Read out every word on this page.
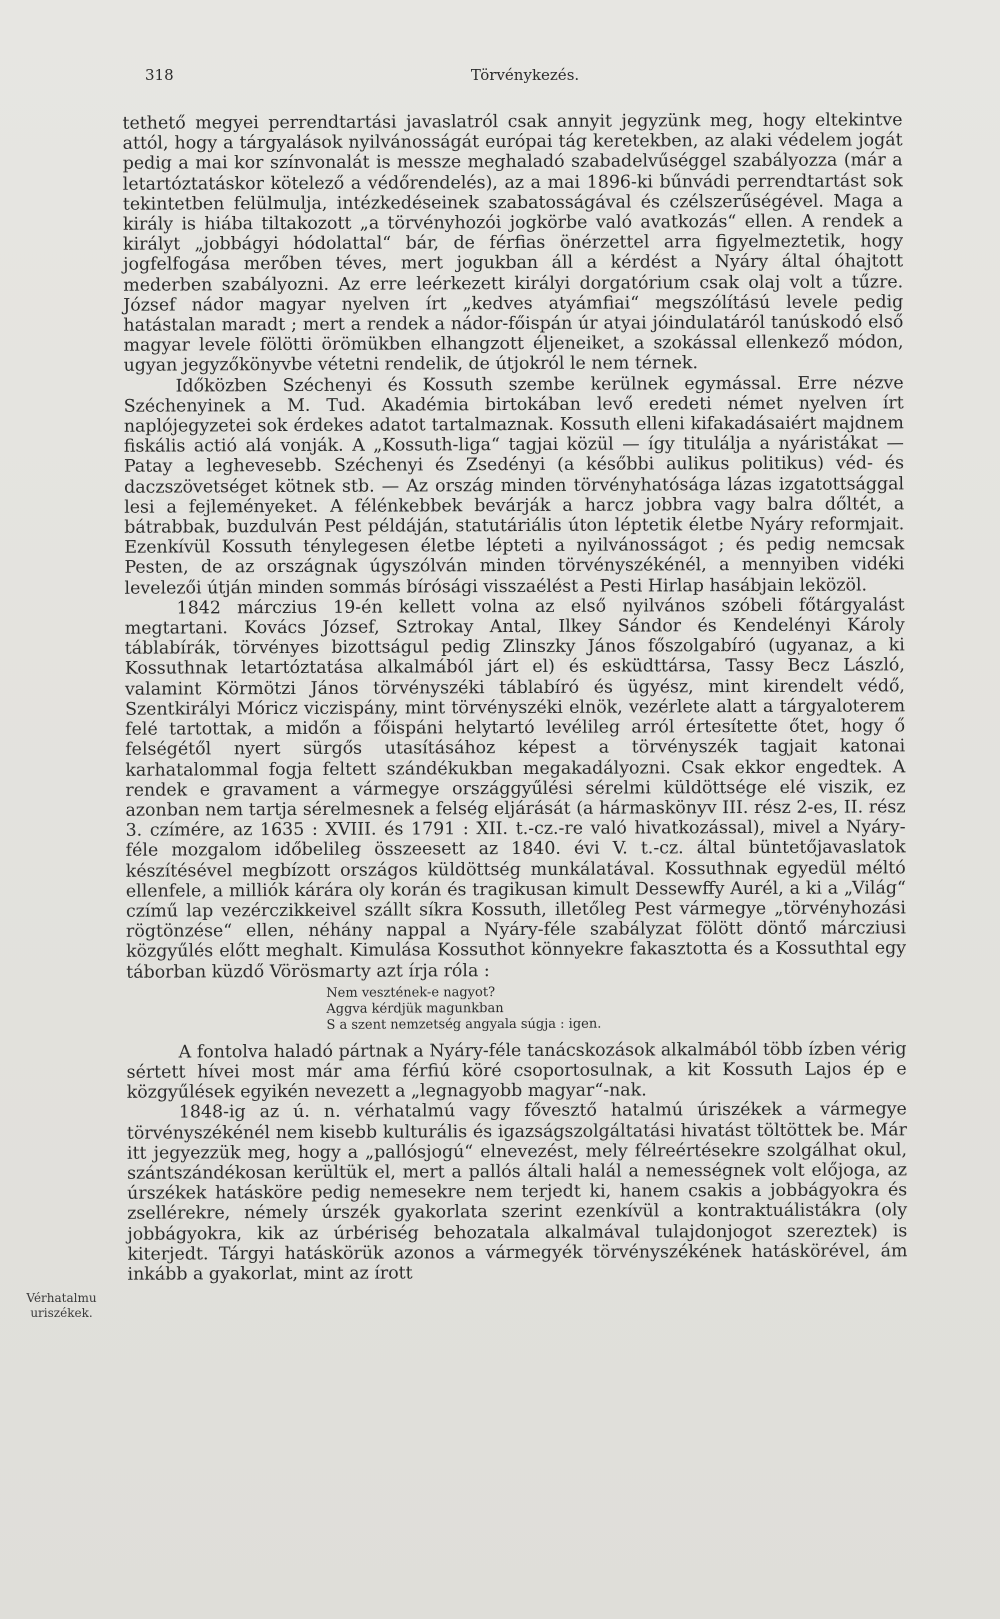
318	Törvénykezés.
Vérhatalmu uriszékek.

tethető megyei perrendtartási javaslatról csak annyit jegyzünk meg, hogy eltekintve attól, hogy a tárgyalások nyilvánosságát európai tág keretekben, az alaki védelem jogát pedig a mai kor színvonalát is messze meghaladó szabadelvűséggel szabályozza (már a letartóztatáskor kötelező a védőrendelés), az a mai 1896-ki bűnvádi perrendtartást sok tekintetben felülmulja, intézkedéseinek szabatosságával és czélszerűségével. Maga a király is hiába tiltakozott „a törvényhozói jogkörbe való avatkozás“ ellen. A rendek a királyt „jobbágyi hódolattal“ bár, de férfias önérzettel arra figyelmeztetik, hogy jogfelfogása merőben téves, mert jogukban áll a kérdést a Nyáry által óhajtott mederben szabályozni. Az erre leérkezett királyi dorgatórium csak olaj volt a tűzre. József nádor magyar nyelven írt „kedves atyámfiai“ megszólítású levele pedig hatástalan maradt ; mert a rendek a nádor-főispán úr atyai jóindulatáról tanúskodó első magyar levele fölötti örömükben elhangzott éljeneiket, a szokással ellenkező módon, ugyan jegyzőkönyvbe vétetni rendelik, de útjokról le nem térnek.

Időközben Széchenyi és Kossuth szembe kerülnek egymással. Erre nézve Széchenyinek a M. Tud. Akadémia birtokában levő eredeti német nyelven írt naplójegyzetei sok érdekes adatot tartalmaznak. Kossuth elleni kifakadásaiért majdnem fiskális actió alá vonják. A „Kossuth-liga“ tagjai közül — így titulálja a nyáristákat — Patay a leghevesebb. Széchenyi és Zsedényi (a későbbi aulikus politikus) véd- és daczszövetséget kötnek stb. — Az ország minden törvényhatósága lázas izgatottsággal lesi a fejleményeket. A félénkebbek bevárják a harcz jobbra vagy balra dőltét, a bátrabbak, buzdulván Pest példáján, statutáriális úton léptetik életbe Nyáry reformjait. Ezenkívül Kossuth ténylegesen életbe lépteti a nyilvánosságot ; és pedig nemcsak Pesten, de az országnak úgyszólván minden törvényszékénél, a mennyiben vidéki levelezői útján minden sommás bírósági visszaélést a Pesti Hirlap hasábjain leközöl.

1842 márczius 19-én kellett volna az első nyilvános szóbeli főtárgyalást megtartani. Kovács József, Sztrokay Antal, Ilkey Sándor és Kendelényi Károly táblabírák, törvényes bizottságul pedig Zlinszky János főszolgabíró (ugyanaz, a ki Kossuthnak letartóztatása alkalmából járt el) és esküdttársa, Tassy Becz László, valamint Körmötzi János törvényszéki táblabíró és ügyész, mint kirendelt védő, Szentkirályi Móricz viczispány, mint törvényszéki elnök, vezérlete alatt a tárgyaloterem felé tartottak, a midőn a főispáni helytartó levélileg arról értesítette őtet, hogy ő felségétől nyert sürgős utasításához képest a törvényszék tagjait katonai karhatalommal fogja feltett szándékukban megakadályozni. Csak ekkor engedtek. A rendek e gravament a vármegye országgyűlési sérelmi küldöttsége elé viszik, ez azonban nem tartja sérelmesnek a felség eljárását (a hármaskönyv III. rész 2-es, II. rész 3. czímére, az 1635 : XVIII. és 1791 : XII. t.-cz.-re való hivatkozással), mivel a Nyáry-féle mozgalom időbelileg összeesett az 1840. évi V. t.-cz. által büntetőjavaslatok készítésével megbízott országos küldöttség munkálatával. Kossuthnak egyedül méltó ellenfele, a milliók kárára oly korán és tragikusan kimult Dessewffy Aurél, a ki a „Világ“ czímű lap vezérczikkeivel szállt síkra Kossuth, illetőleg Pest vármegye „törvényhozási rögtönzése“ ellen, néhány nappal a Nyáry-féle szabályzat fölött döntő márcziusi közgyűlés előtt meghalt. Kimulása Kossuthot könnyekre fakasztotta és a Kossuthtal egy táborban küzdő Vörösmarty azt írja róla :

Nem vesztének-e nagyot?
Aggva kérdjük magunkban
S a szent nemzetség angyala súgja : igen.

A fontolva haladó pártnak a Nyáry-féle tanácskozások alkalmából több ízben vérig sértett hívei most már ama férfiú köré csoportosulnak, a kit Kossuth Lajos ép e közgyűlések egyikén nevezett a „legnagyobb magyar“-nak.

1848-ig az ú. n. vérhatalmú vagy fővesztő hatalmú úriszékek a vármegye törvényszékénél nem kisebb kulturális és igazságszolgáltatási hivatást töltöttek be. Már itt jegyezzük meg, hogy a „pallósjogú“ elnevezést, mely félreértésekre szolgálhat okul, szántszándékosan kerültük el, mert a pallós általi halál a nemességnek volt előjoga, az úrszékek hatásköre pedig nemesekre nem terjedt ki, hanem csakis a jobbágyokra és zsellérekre, némely úrszék gyakorlata szerint ezenkívül a kontraktuálistákra (oly jobbágyokra, kik az úrbériség behozatala alkalmával tulajdonjogot szereztek) is kiterjedt. Tárgyi hatáskörük azonos a vármegyék törvényszékének hatáskörével, ám inkább a gyakorlat, mint az írott
